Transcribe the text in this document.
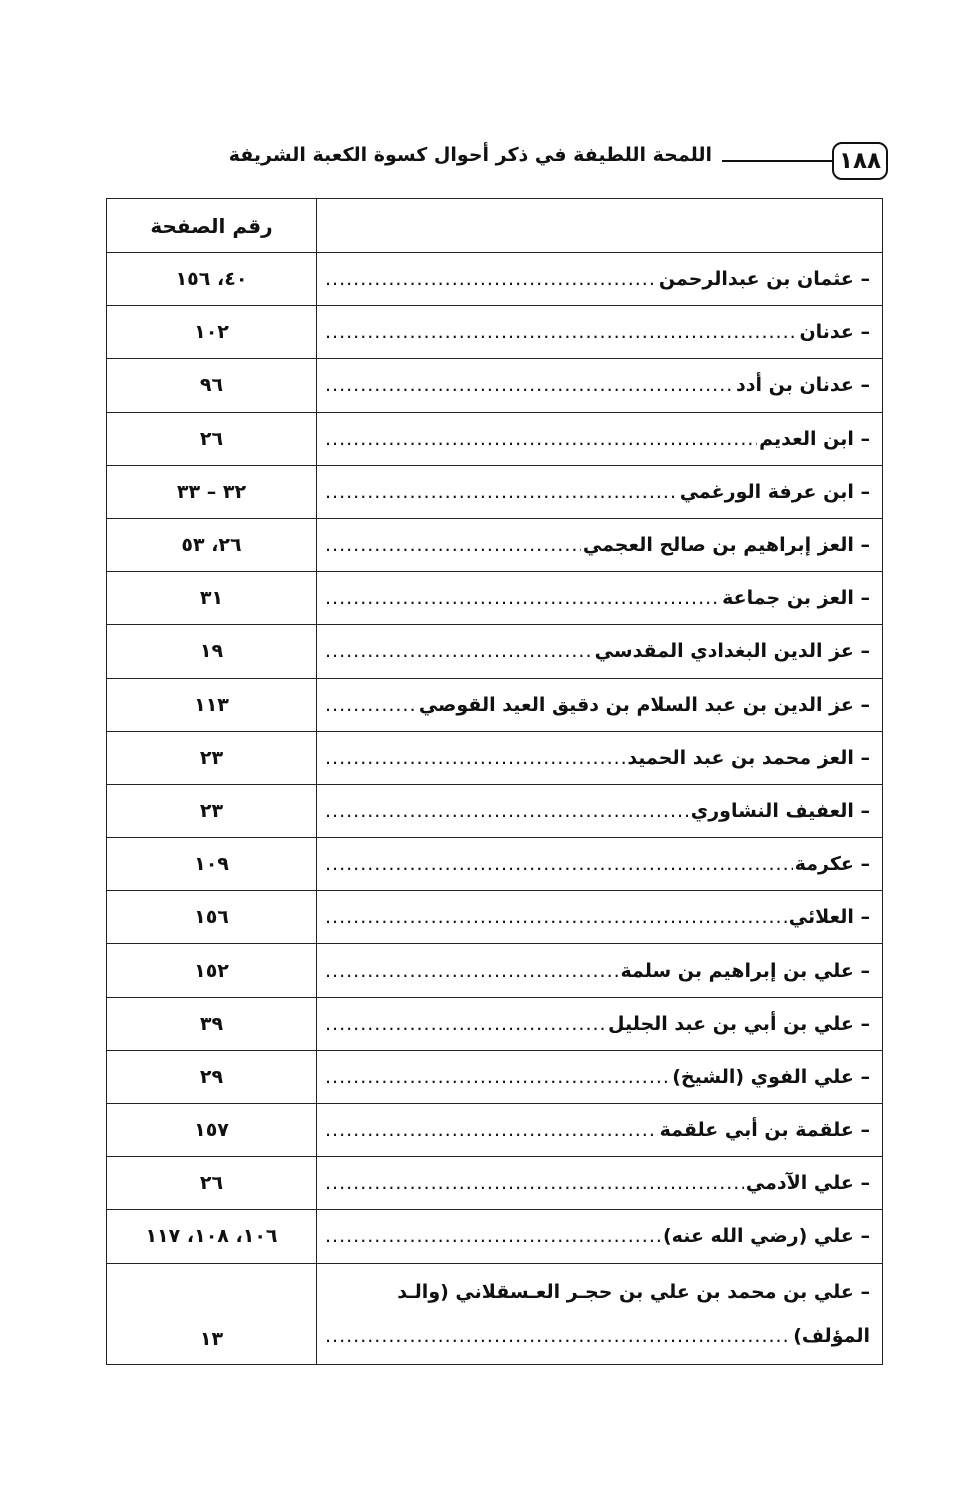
١٨٨
اللمحة اللطيفة في ذكر أحوال كسوة الكعبة الشريفة
	رقم الصفحة

– عثمان بن عبدالرحمن
.....	٤٠، ١٥٦

– عدنان
.....	١٠٢

– عدنان بن أدد
.....	٩٦

– ابن العديم
.....	٢٦

– ابن عرفة الورغمي
.....	٣٢ – ٣٣

– العز إبراهيم بن صالح العجمي
.....	٢٦، ٥٣

– العز بن جماعة
.....	٣١

– عز الدين البغدادي المقدسي
.....	١٩

– عز الدين بن عبد السلام بن دقيق العيد القوصي
.....	١١٣

– العز محمد بن عبد الحميد
.....	٢٣

– العفيف النشاوري
.....	٢٣

– عكرمة
.....	١٠٩

– العلائي
.....	١٥٦

– علي بن إبراهيم بن سلمة
.....	١٥٢

– علي بن أبي بن عبد الجليل
.....	٣٩

– علي الفوي (الشيخ)
.....	٢٩

– علقمة بن أبي علقمة
.....	١٥٧

– علي الآدمي
.....	٢٦

– علي (رضي الله عنه)
.....	١٠٦، ١٠٨، ١١٧

– علي بن محمد بن علي بن حجـر العـسقلاني (والـد
المؤلف)
.....	١٣
